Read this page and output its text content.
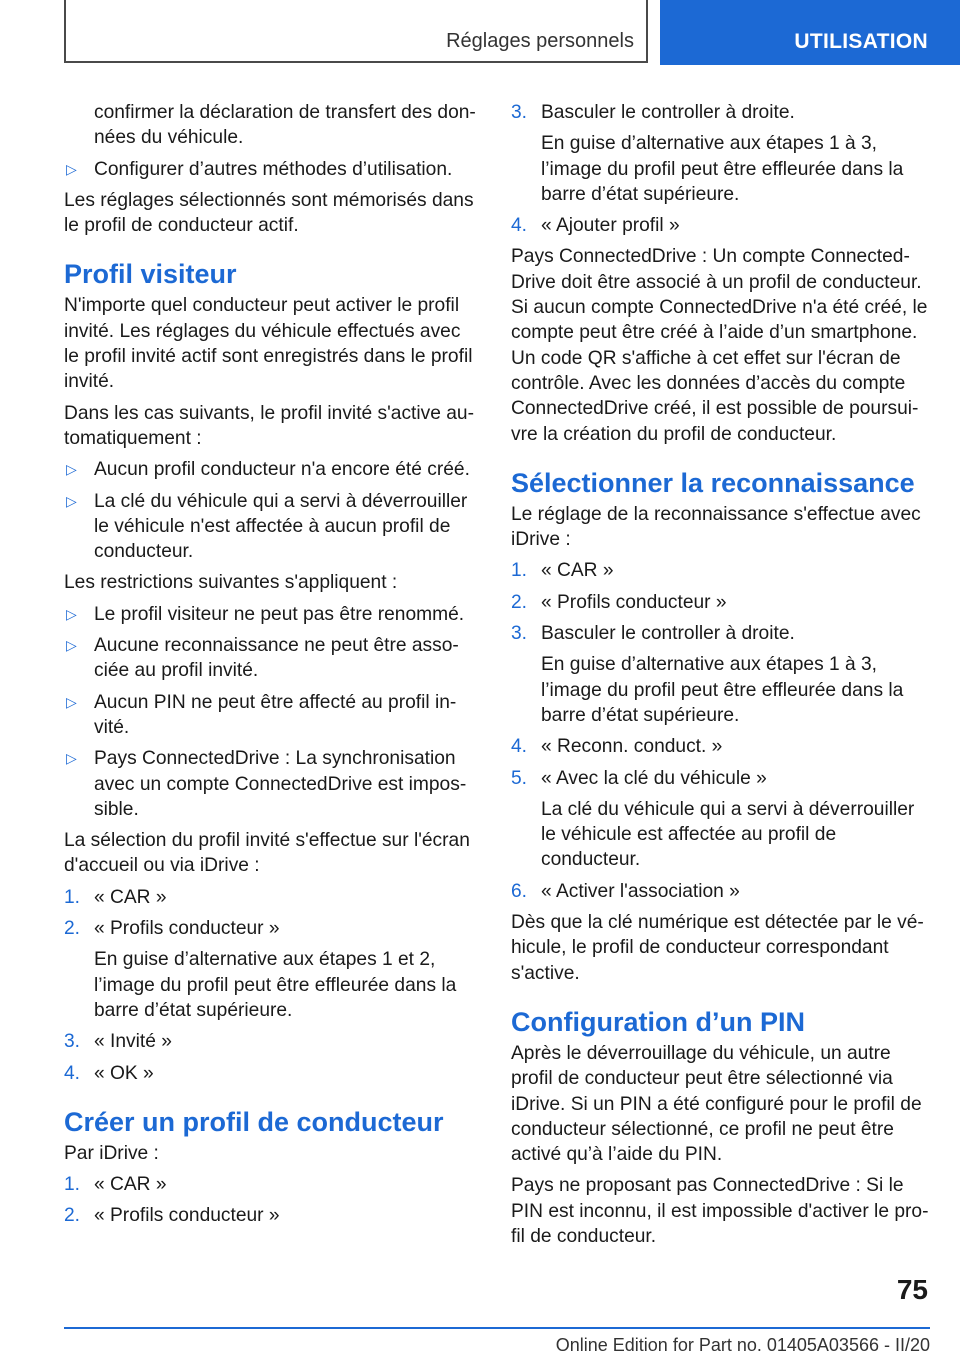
Réglages personnels	UTILISATION
confirmer la déclaration de transfert des données du véhicule.
▷ Configurer d’autres méthodes d’utilisation.
Les réglages sélectionnés sont mémorisés dans le profil de conducteur actif.
Profil visiteur
N'importe quel conducteur peut activer le profil invité. Les réglages du véhicule effectués avec le profil invité actif sont enregistrés dans le profil invité.
Dans les cas suivants, le profil invité s'active automatiquement :
▷ Aucun profil conducteur n'a encore été créé.
▷ La clé du véhicule qui a servi à déverrouiller le véhicule n'est affectée à aucun profil de conducteur.
Les restrictions suivantes s'appliquent :
▷ Le profil visiteur ne peut pas être renommé.
▷ Aucune reconnaissance ne peut être associée au profil invité.
▷ Aucun PIN ne peut être affecté au profil invité.
▷ Pays ConnectedDrive : La synchronisation avec un compte ConnectedDrive est impossible.
La sélection du profil invité s'effectue sur l'écran d'accueil ou via iDrive :
1. « CAR »
2. « Profils conducteur »
En guise d’alternative aux étapes 1 et 2, l’image du profil peut être effleurée dans la barre d’état supérieure.
3. « Invité »
4. « OK »
Créer un profil de conducteur
Par iDrive :
1. « CAR »
2. « Profils conducteur »
3. Basculer le controller à droite.
En guise d’alternative aux étapes 1 à 3, l’image du profil peut être effleurée dans la barre d’état supérieure.
4. « Ajouter profil »
Pays ConnectedDrive : Un compte ConnectedDrive doit être associé à un profil de conducteur. Si aucun compte ConnectedDrive n'a été créé, le compte peut être créé à l’aide d’un smartphone. Un code QR s'affiche à cet effet sur l'écran de contrôle. Avec les données d’accès du compte ConnectedDrive créé, il est possible de poursuivre la création du profil de conducteur.
Sélectionner la reconnaissance
Le réglage de la reconnaissance s'effectue avec iDrive :
1. « CAR »
2. « Profils conducteur »
3. Basculer le controller à droite.
En guise d’alternative aux étapes 1 à 3, l’image du profil peut être effleurée dans la barre d’état supérieure.
4. « Reconn. conduct. »
5. « Avec la clé du véhicule »
La clé du véhicule qui a servi à déverrouiller le véhicule est affectée au profil de conducteur.
6. « Activer l'association »
Dès que la clé numérique est détectée par le véhicule, le profil de conducteur correspondant s'active.
Configuration d’un PIN
Après le déverrouillage du véhicule, un autre profil de conducteur peut être sélectionné via iDrive. Si un PIN a été configuré pour le profil de conducteur sélectionné, ce profil ne peut être activé qu’à l’aide du PIN.
Pays ne proposant pas ConnectedDrive : Si le PIN est inconnu, il est impossible d'activer le profil de conducteur.
75
Online Edition for Part no. 01405A03566 - II/20
